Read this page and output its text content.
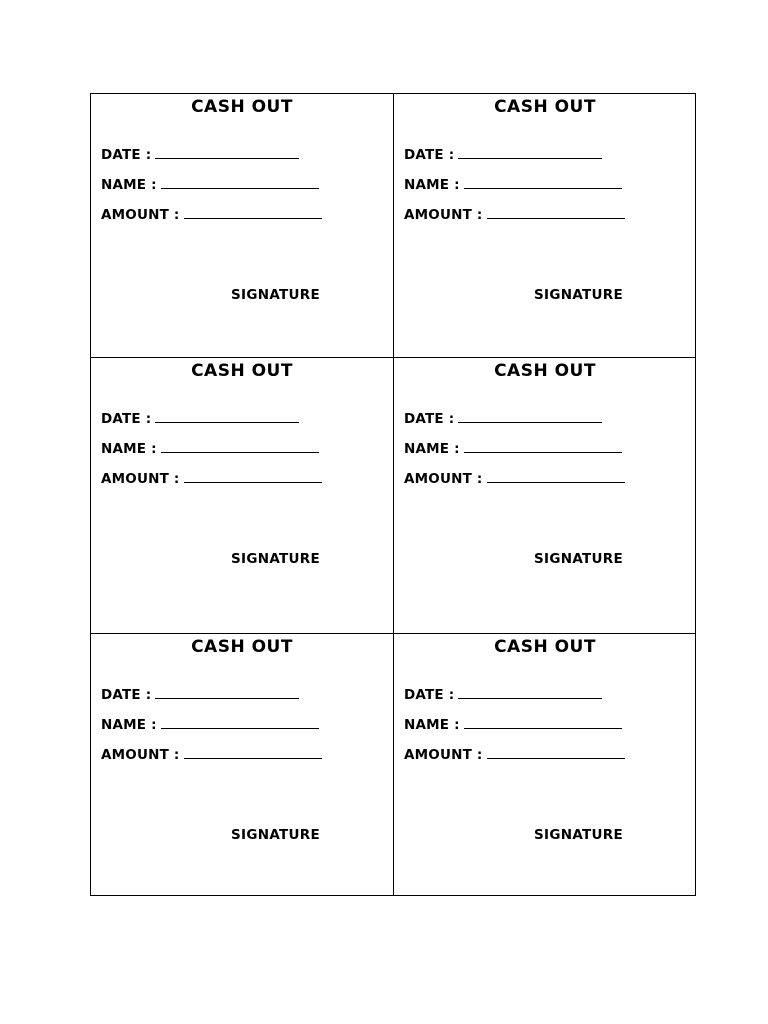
CASH OUT
DATE :
NAME :
AMOUNT :
SIGNATURE
CASH OUT
DATE :
NAME :
AMOUNT :
SIGNATURE
CASH OUT
DATE :
NAME :
AMOUNT :
SIGNATURE
CASH OUT
DATE :
NAME :
AMOUNT :
SIGNATURE
CASH OUT
DATE :
NAME :
AMOUNT :
SIGNATURE
CASH OUT
DATE :
NAME :
AMOUNT :
SIGNATURE
